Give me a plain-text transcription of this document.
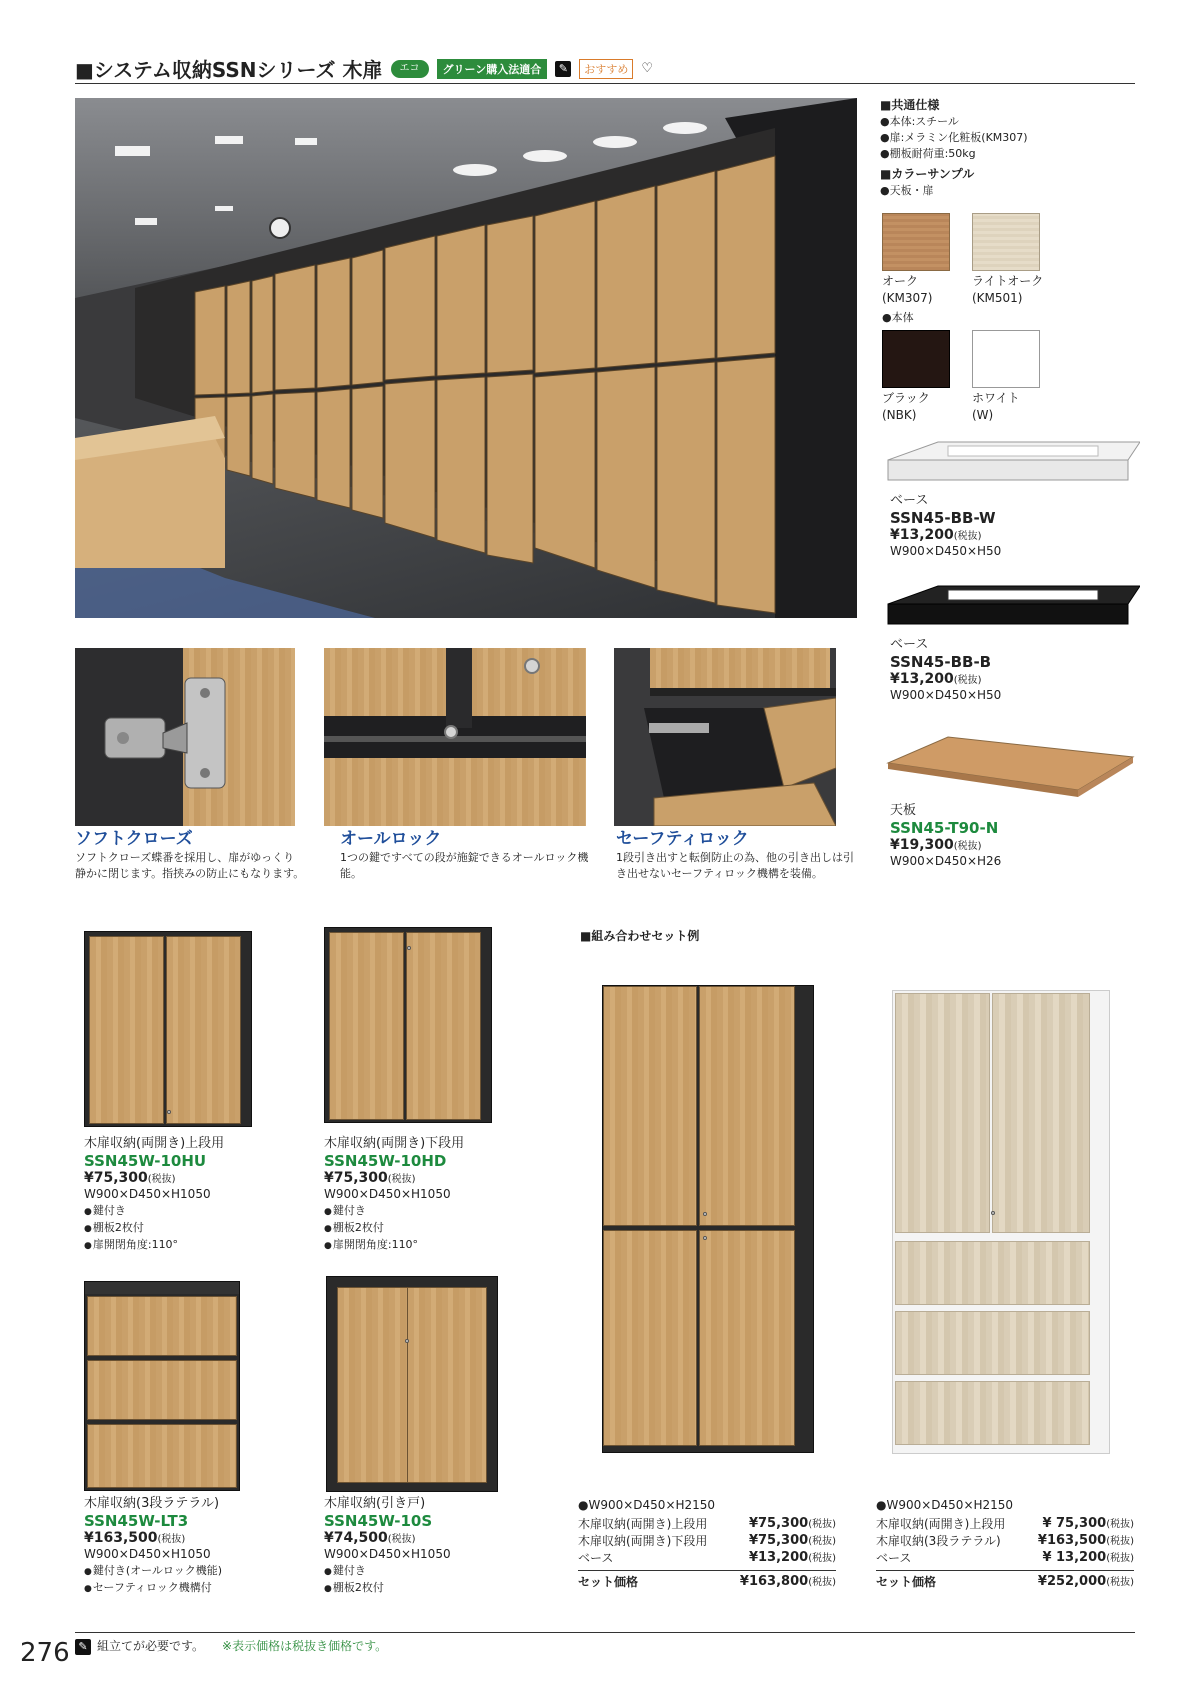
■システム収納SSNシリーズ 木扉	エコ	グリーン購入法適合	✎	おすすめ	♡
■共通仕様
●本体:スチール
●扉:メラミン化粧板(KM307)
●棚板耐荷重:50kg
■カラーサンプル
●天板・扉
オーク
(KM307)
ライトオーク
(KM501)
●本体
ブラック
(NBK)
ホワイト
(W)
ベース
SSN45-BB-W
¥13,200(税抜)
W900×D450×H50
ベース
SSN45-BB-B
¥13,200(税抜)
W900×D450×H50
天板
SSN45-T90-N
¥19,300(税抜)
W900×D450×H26
ソフトクローズ
ソフトクローズ蝶番を採用し、扉がゆっくり静かに閉じます。指挟みの防止にもなります。
オールロック
1つの鍵ですべての段が施錠できるオールロック機能。
セーフティロック
1段引き出すと転倒防止の為、他の引き出しは引き出せないセーフティロック機構を装備。
木扉収納(両開き)上段用
SSN45W-10HU
¥75,300(税抜)
W900×D450×H1050
● 鍵付き
● 棚板2枚付
● 扉開閉角度:110°
木扉収納(両開き)下段用
SSN45W-10HD
¥75,300(税抜)
W900×D450×H1050
● 鍵付き
● 棚板2枚付
● 扉開閉角度:110°
木扉収納(3段ラテラル)
SSN45W-LT3
¥163,500(税抜)
W900×D450×H1050
● 鍵付き(オールロック機能)
● セーフティロック機構付
木扉収納(引き戸)
SSN45W-10S
¥74,500(税抜)
W900×D450×H1050
● 鍵付き
● 棚板2枚付
■組み合わせセット例
●W900×D450×H2150
木扉収納(両開き)上段用	¥75,300(税抜)
木扉収納(両開き)下段用	¥75,300(税抜)
ベース	¥13,200(税抜)
セット価格	¥163,800(税抜)
●W900×D450×H2150
木扉収納(両開き)上段用	¥ 75,300(税抜)
木扉収納(3段ラテラル)	¥163,500(税抜)
ベース	¥ 13,200(税抜)
セット価格	¥252,000(税抜)
276 ✎ 組立てが必要です。 ※表示価格は税抜き価格です。
